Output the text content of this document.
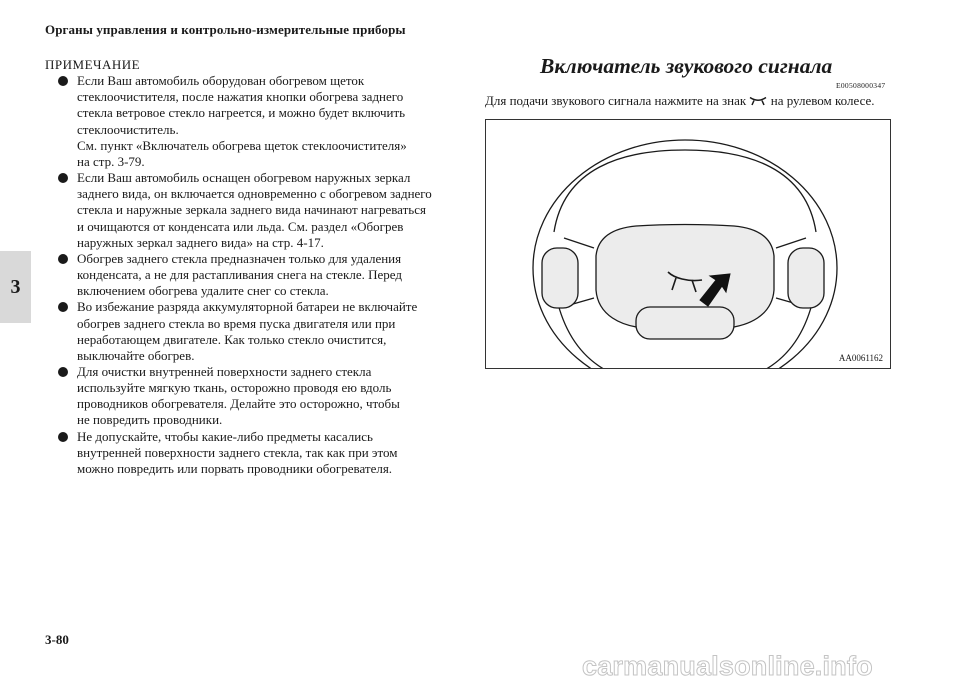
Органы управления и контрольно-измерительные приборы
3
ПРИМЕЧАНИЕ
Если Ваш автомобиль оборудован обогревом щеток
стеклоочистителя, после нажатия кнопки обогрева заднего
стекла ветровое стекло нагреется, и можно будет включить
стеклоочиститель.
См. пункт «Включатель обогрева щеток стеклоочистителя»
на стр. 3-79.
Если Ваш автомобиль оснащен обогревом наружных зеркал
заднего вида, он включается одновременно с обогревом заднего
стекла и наружные зеркала заднего вида начинают нагреваться
и очищаются от конденсата или льда. См. раздел «Обогрев
наружных зеркал заднего вида» на стр. 4-17.
Обогрев заднего стекла предназначен только для удаления
конденсата, а не для растапливания снега на стекле. Перед
включением обогрева удалите снег со стекла.
Во избежание разряда аккумуляторной батареи не включайте
обогрев заднего стекла во время пуска двигателя или при
неработающем двигателе. Как только стекло очистится,
выключайте обогрев.
Для очистки внутренней поверхности заднего стекла
используйте мягкую ткань, осторожно проводя ею вдоль
проводников обогревателя. Делайте это осторожно, чтобы
не повредить проводники.
Не допускайте, чтобы какие-либо предметы касались
внутренней поверхности заднего стекла, так как при этом
можно повредить или порвать проводники обогревателя.
Включатель звукового сигнала
E00508000347
Для подачи звукового сигнала нажмите на знак  на рулевом колесе.
AA0061162
3-80
carmanualsonline.info
